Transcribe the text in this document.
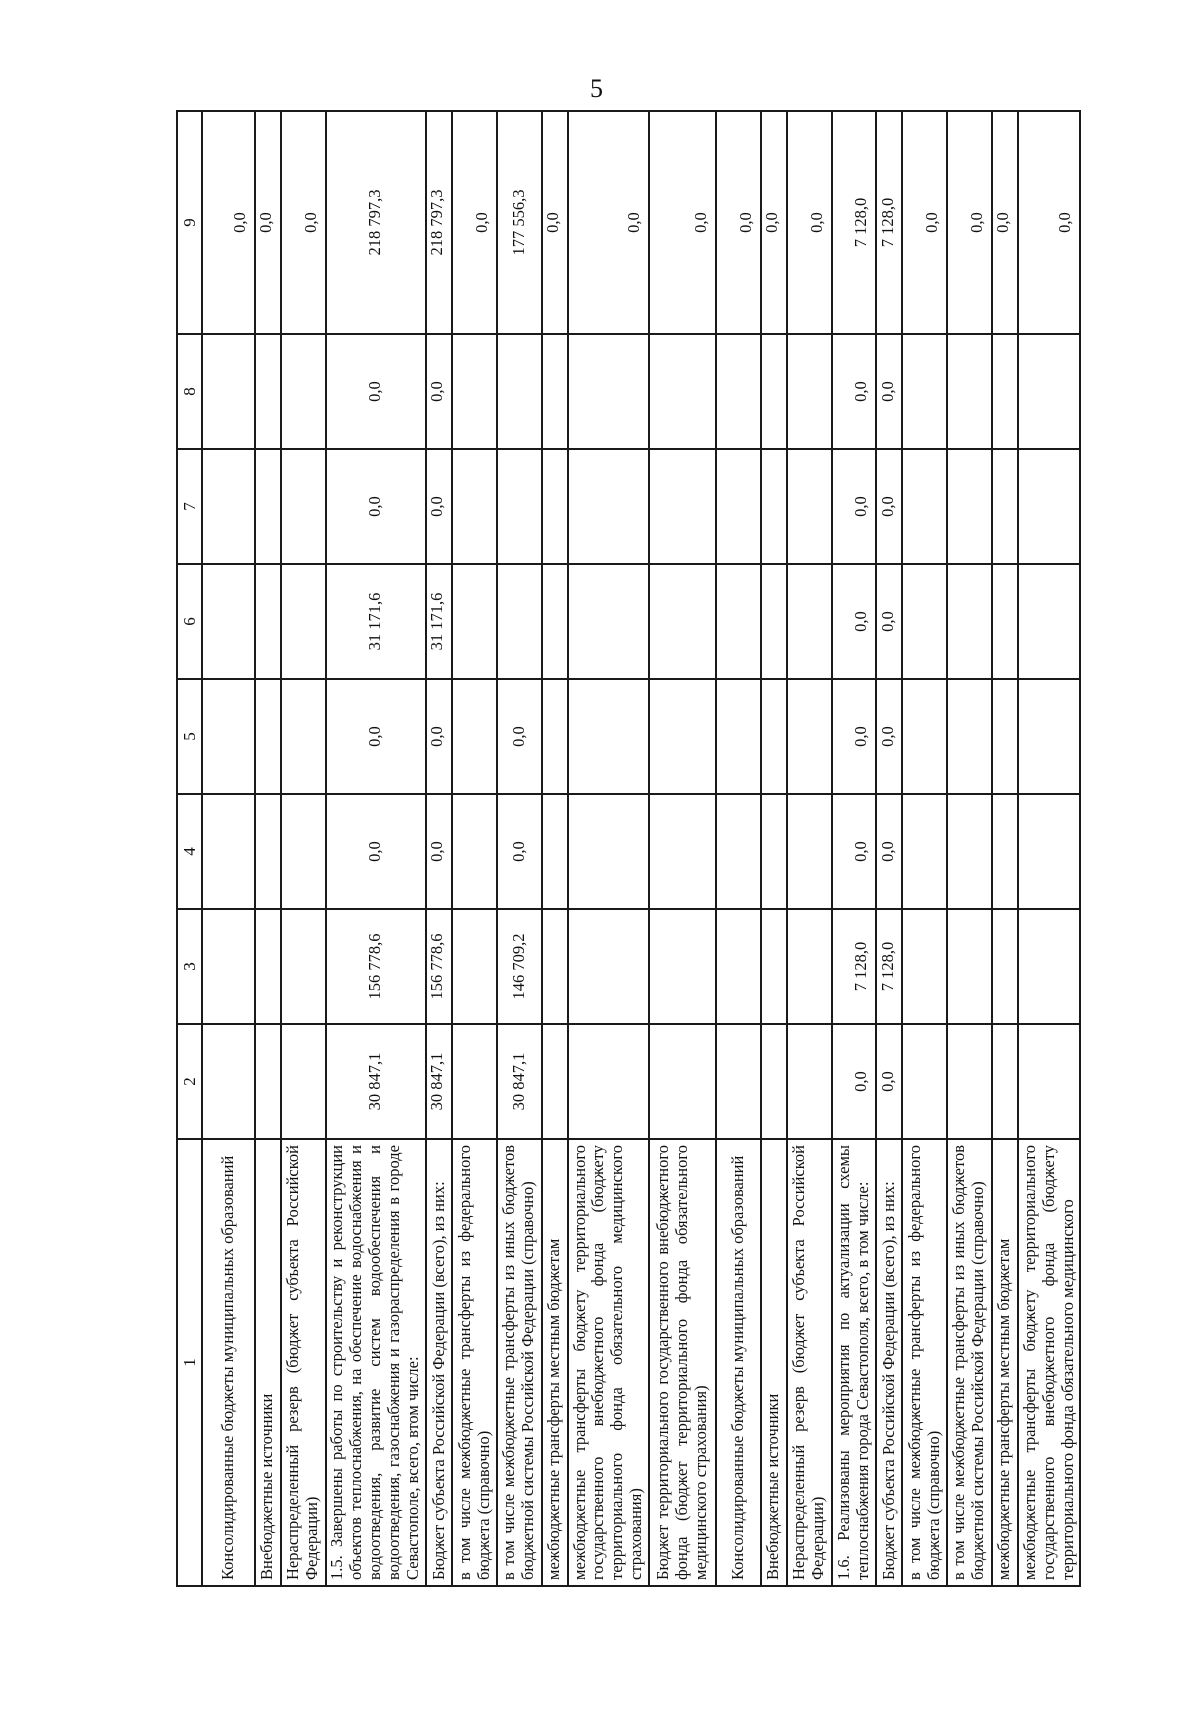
5
1	2	3	4	5	6	7	8	9
Консолидированные бюджеты муниципальных образований								0,0
Внебюджетные источники								0,0
Нераспределенный резерв (бюджет субъекта Российской Федерации)								0,0
1.5. Завершены работы по строительству и реконструкции объектов теплоснабжения, на обеспечение водоснабжения и водоотведения, развитие систем водообеспечения и водоотведения, газоснабжения и газораспределения в городе Севастополе, всего, втом числе:	30 847,1	156 778,6	0,0	0,0	31 171,6	0,0	0,0	218 797,3
Бюджет субъекта Российской Федерации (всего), из них:	30 847,1	156 778,6	0,0	0,0	31 171,6	0,0	0,0	218 797,3
в том числе межбюджетные трансферты из федерального бюджета (справочно)								0,0
в том числе межбюджетные трансферты из иных бюджетов бюджетной системы Российской Федерации (справочно)	30 847,1	146 709,2	0,0	0,0				177 556,3
межбюджетные трансферты местным бюджетам								0,0
межбюджетные трансферты бюджету территориального государственного внебюджетного фонда (бюджету территориального фонда обязательного медицинского страхования)								0,0
Бюджет территориального государственного внебюджетного фонда (бюджет территориального фонда обязательного медицинского страхования)								0,0
Консолидированные бюджеты муниципальных образований								0,0
Внебюджетные источники								0,0
Нераспределенный резерв (бюджет субъекта Российской Федерации)								0,0
1.6. Реализованы мероприятия по актуализации схемы теплоснабжения города Севастополя, всего, в том числе:	0,0	7 128,0	0,0	0,0	0,0	0,0	0,0	7 128,0
Бюджет субъекта Российской Федерации (всего), из них:	0,0	7 128,0	0,0	0,0	0,0	0,0	0,0	7 128,0
в том числе межбюджетные трансферты из федерального бюджета (справочно)								0,0
в том числе межбюджетные трансферты из иных бюджетов бюджетной системы Российской Федерации (справочно)								0,0
межбюджетные трансферты местным бюджетам								0,0
межбюджетные трансферты бюджету территориального государственного внебюджетного фонда (бюджету территориального фонда обязательного медицинского								0,0
